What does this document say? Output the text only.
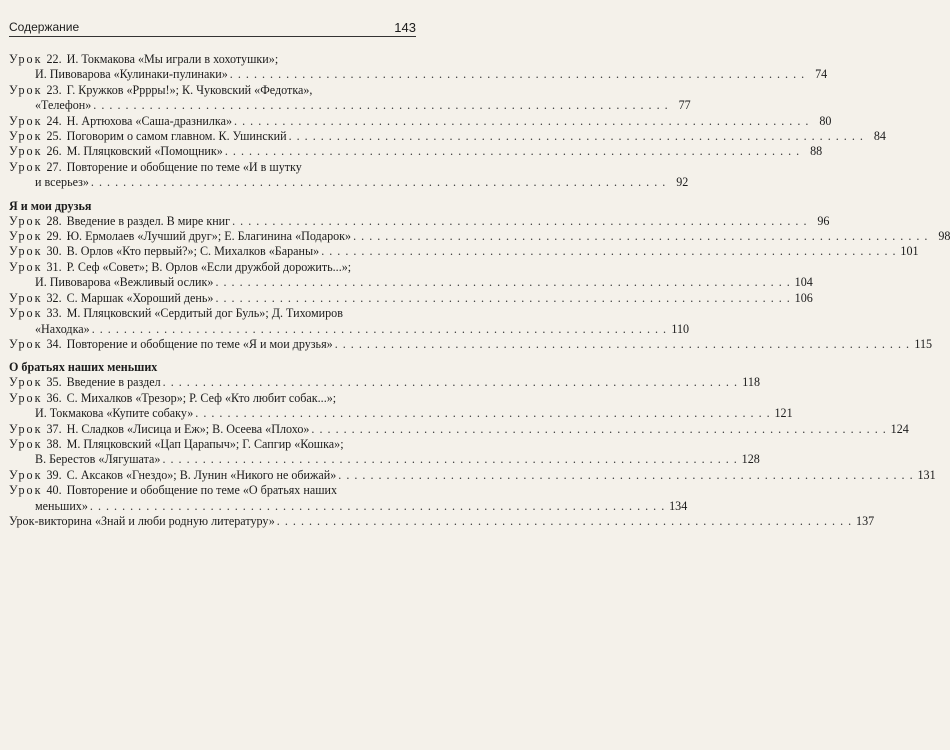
Содержание	143
Урок 22. И. Токмакова «Мы играли в хохотушки»;
И. Пивоварова «Кулинаки-пулинаки» . . .	74
Урок 23. Г. Кружков «Рррры!»; К. Чуковский «Федотка»,
«Телефон» . . .	77
Урок 24. Н. Артюхова «Саша-дразнилка» . . .	80
Урок 25. Поговорим о самом главном. К. Ушинский . . .	84
Урок 26. М. Пляцковский «Помощник» . . .	88
Урок 27. Повторение и обобщение по теме «И в шутку
и всерьез» . . .	92
Я и мои друзья
Урок 28. Введение в раздел. В мире книг . . .	96
Урок 29. Ю. Ермолаев «Лучший друг»; Е. Благинина «Подарок» . . .	98
Урок 30. В. Орлов «Кто первый?»; С. Михалков «Бараны» . . .	101
Урок 31. Р. Сеф «Совет»; В. Орлов «Если дружбой дорожить...»;
И. Пивоварова «Вежливый ослик» . . .	104
Урок 32. С. Маршак «Хороший день» . . .	106
Урок 33. М. Пляцковский «Сердитый дог Буль»; Д. Тихомиров
«Находка» . . .	110
Урок 34. Повторение и обобщение по теме «Я и мои друзья» . . .	115
О братьях наших меньших
Урок 35. Введение в раздел . . .	118
Урок 36. С. Михалков «Трезор»; Р. Сеф «Кто любит собак...»;
И. Токмакова «Купите собаку» . . .	121
Урок 37. Н. Сладков «Лисица и Еж»; В. Осеева «Плохо» . . .	124
Урок 38. М. Пляцковский «Цап Царапыч»; Г. Сапгир «Кошка»;
В. Берестов «Лягушата» . . .	128
Урок 39. С. Аксаков «Гнездо»; В. Лунин «Никого не обижай» . . .	131
Урок 40. Повторение и обобщение по теме «О братьях наших
меньших» . . .	134
Урок-викторина «Знай и люби родную литературу» . . .	137
